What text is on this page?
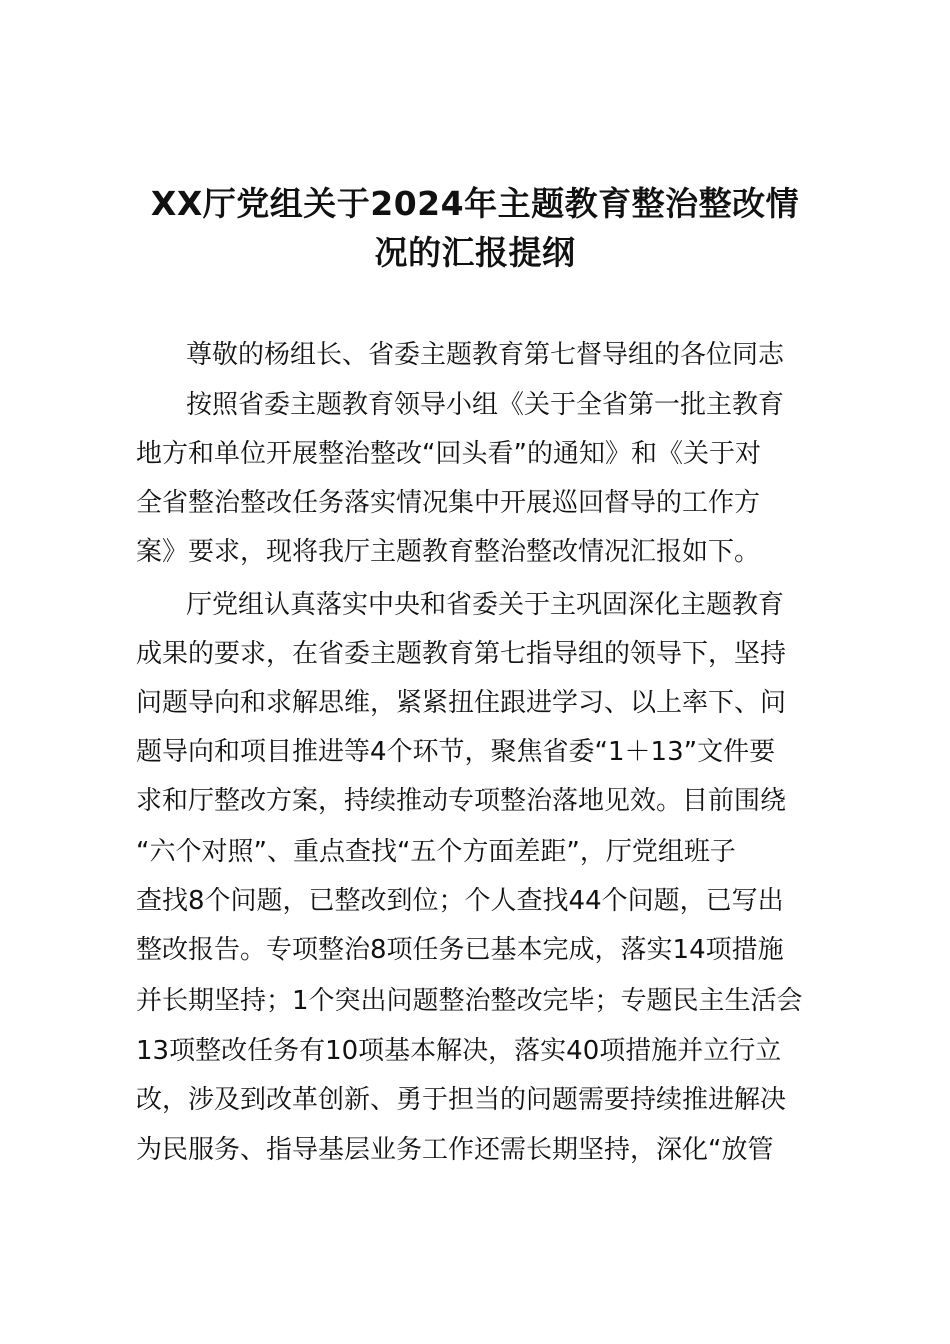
XX厅党组关于2024年主题教育整治整改情
况的汇报提纲
尊敬的杨组长、省委主题教育第七督导组的各位同志
按照省委主题教育领导小组《关于全省第一批主教育
地方和单位开展整治整改“回头看”的通知》和《关于对
全省整治整改任务落实情况集中开展巡回督导的工作方
案》要求，现将我厅主题教育整治整改情况汇报如下。
厅党组认真落实中央和省委关于主巩固深化主题教育
成果的要求，在省委主题教育第七指导组的领导下，坚持
问题导向和求解思维，紧紧扭住跟进学习、以上率下、问
题导向和项目推进等4个环节，聚焦省委“1＋13”文件要
求和厅整改方案，持续推动专项整治落地见效。目前围绕
“六个对照”、重点查找“五个方面差距”，厅党组班子
查找8个问题，已整改到位；个人查找44个问题，已写出
整改报告。专项整治8项任务已基本完成，落实14项措施
并长期坚持；1个突出问题整治整改完毕；专题民主生活会
13项整改任务有10项基本解决，落实40项措施并立行立
改，涉及到改革创新、勇于担当的问题需要持续推进解决
为民服务、指导基层业务工作还需长期坚持，深化“放管
